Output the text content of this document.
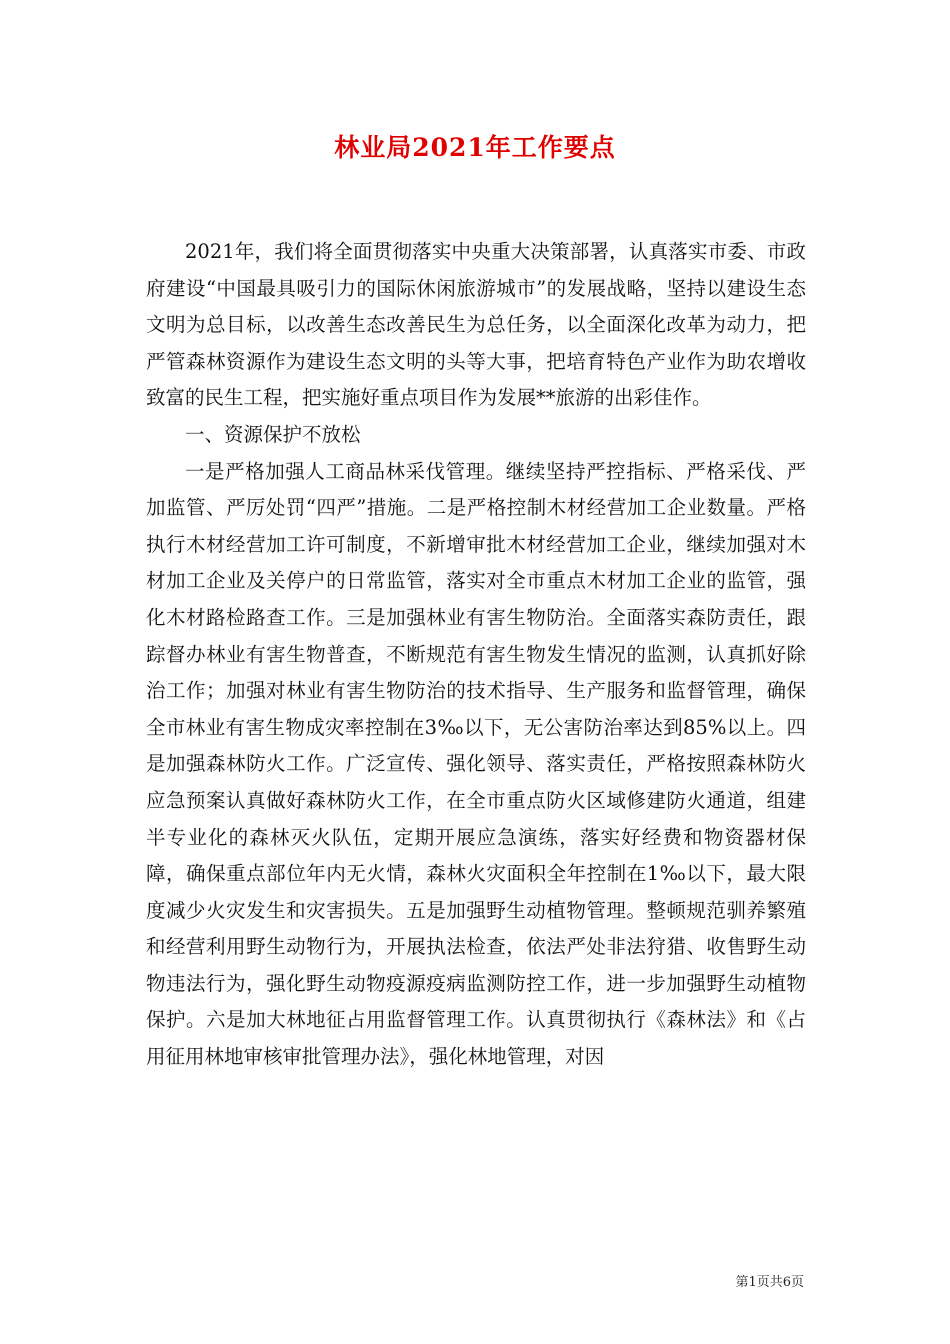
林业局2021年工作要点

2021年，我们将全面贯彻落实中央重大决策部署，认真落实市委、市政府建设“中国最具吸引力的国际休闲旅游城市”的发展战略，坚持以建设生态文明为总目标，以改善生态改善民生为总任务，以全面深化改革为动力，把严管森林资源作为建设生态文明的头等大事，把培育特色产业作为助农增收致富的民生工程，把实施好重点项目作为发展**旅游的出彩佳作。

一、资源保护不放松

一是严格加强人工商品林采伐管理。继续坚持严控指标、严格采伐、严加监管、严厉处罚“四严”措施。二是严格控制木材经营加工企业数量。严格执行木材经营加工许可制度，不新增审批木材经营加工企业，继续加强对木材加工企业及关停户的日常监管，落实对全市重点木材加工企业的监管，强化木材路检路查工作。三是加强林业有害生物防治。全面落实森防责任，跟踪督办林业有害生物普查，不断规范有害生物发生情况的监测，认真抓好除治工作；加强对林业有害生物防治的技术指导、生产服务和监督管理，确保全市林业有害生物成灾率控制在3‰以下，无公害防治率达到85%以上。四是加强森林防火工作。广泛宣传、强化领导、落实责任，严格按照森林防火应急预案认真做好森林防火工作，在全市重点防火区域修建防火通道，组建半专业化的森林灭火队伍，定期开展应急演练，落实好经费和物资器材保障，确保重点部位年内无火情，森林火灾面积全年控制在1‰以下，最大限度减少火灾发生和灾害损失。五是加强野生动植物管理。整顿规范驯养繁殖和经营利用野生动物行为，开展执法检查，依法严处非法狩猎、收售野生动物违法行为，强化野生动物疫源疫病监测防控工作，进一步加强野生动植物保护。六是加大林地征占用监督管理工作。认真贯彻执行《森林法》和《占用征用林地审核审批管理办法》，强化林地管理，对因

第1页共6页
